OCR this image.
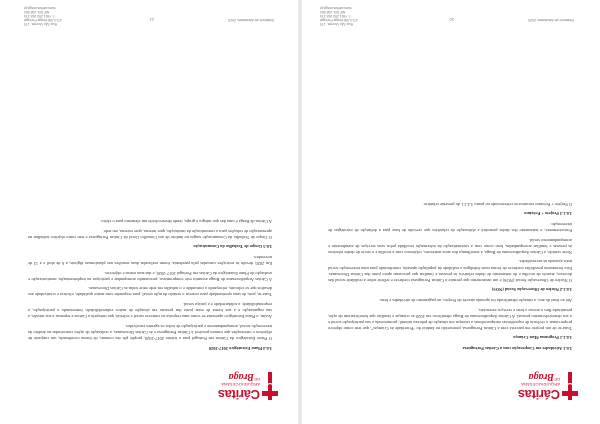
Cáritas
ARQUIDIOCESANA DE
Braga
3.6.1 Atividades em Cooperação com a Cáritas Portuguesa
3.6.1.1 Programa Mais Criança

Trata-se de um projeto em parceria com a Cáritas Portuguesa, promovido no âmbito do “Prioridade às Crianças”, que tem como objetivo proporcionar a vivência de experiências enriquecedoras a crianças em situação de pobreza infantil, promovendo a sua participação social e o seu desenvolvimento pessoal. A Cáritas Arquidiocesana de Braga identificou em 2020 as crianças e famílias que beneficiariam da ação, permitindo-lhes o acesso a bens e serviços essenciais.

Até ao final do ano, a situação identificada foi apoiada através do Projeto, no pagamento de atividades e bens.

3.6.1.2 Núcleo de Observação Social (NOS)

O Núcleo de Observação Social (NOS) é um instrumento que permite à Cáritas Portuguesa conhecer e refletir sobre a realidade social das dioceses, através da recolha e do tratamento de dados relativos às pessoas e famílias que procuram apoio junto das Cáritas Diocesanas. Esta ferramenta possibilita conhecer de forma mais fidedigna a realidade da população apoiada, contribuindo para uma intervenção social mais ajustada às necessidades.

Neste sentido, a Cáritas Arquidiocesana de Braga, à semelhança dos anos anteriores, colaborou com a recolha e o envio de dados relativos às pessoas e famílias acompanhadas, bem como com a sistematização da informação recolhida pelos seus serviços de atendimento e acompanhamento social.

Posteriormente, o tratamento dos dados permitirá a elaboração de relatórios que servirão de base para a definição de estratégias de intervenção.

3.6.1.3 Projeto + Próximo

O Projeto + Próximo encontra-se referenciado no ponto 3.4.2.1 do presente relatório.

Relatório de Atividades 2020
20
Rua São Vicente, 179
4710-336 Braga Portugal
T. +351 253 263 376
NIF 501 438 564
www.caritas.braga.pt
Cáritas
ARQUIDIOCESANA DE
Braga
3.6.4 Plano Estratégico 2017-2020

O Plano Estratégico da Cáritas em Portugal para o triénio 2017-2020, propõe pôr em comum, de forma coordenada, um conjunto de objetivos e orientações que tornem possível à Cáritas Portuguesa e às Cáritas Diocesanas, a realização de ações concertadas no âmbito da intervenção social, acompanhamento e participação de todos os agentes envolvidos.

Assim, o Plano Estratégico apresenta-se como uma resposta ao contexto social e eclesial, que interpela a Cáritas a repensar a sua missão, a sua organização e a sua forma de estar junto das pessoas em situação de maior vulnerabilidade, fomentando a participação, a responsabilidade, a solidariedade e a justiça social.

Trata-se, pois, de uma oportunidade para renovar o sentido da ação social, para responder com maior qualidade, eficácia e criatividade aos desafios que se colocam, reforçando a comunhão e o trabalho em rede entre todas as Cáritas Diocesanas.

A Cáritas Arquidiocesana de Braga assumiu este compromisso, procurando acompanhar e participar na implementação, monitorização e avaliação do Plano Estratégico da Cáritas em Portugal 2017-2020, e das suas metas e objetivos.

Em 2020, devido às restrições causadas pela pandemia, foram realizadas duas reuniões nas plataformas digitais, a 6 de abril e a 12 de novembro.

3.6.5 Grupo de Trabalho da Comunicação

O Grupo de Trabalho da Comunicação surgiu no âmbito de um Conselho Geral da Cáritas Portuguesa e tem como objetivo trabalhar na apresentação de soluções para a comunicação da instituição, quer interna, quer externa, em rede.

A Cáritas de Braga é uma das que integra o grupo, tendo desenvolvido um elemento para o efeito.

Relatório de Atividades 2020
21
Rua São Vicente, 179
4710-336 Braga Portugal
T. +351 253 263 376
NIF 501 438 564
www.caritas.braga.pt
